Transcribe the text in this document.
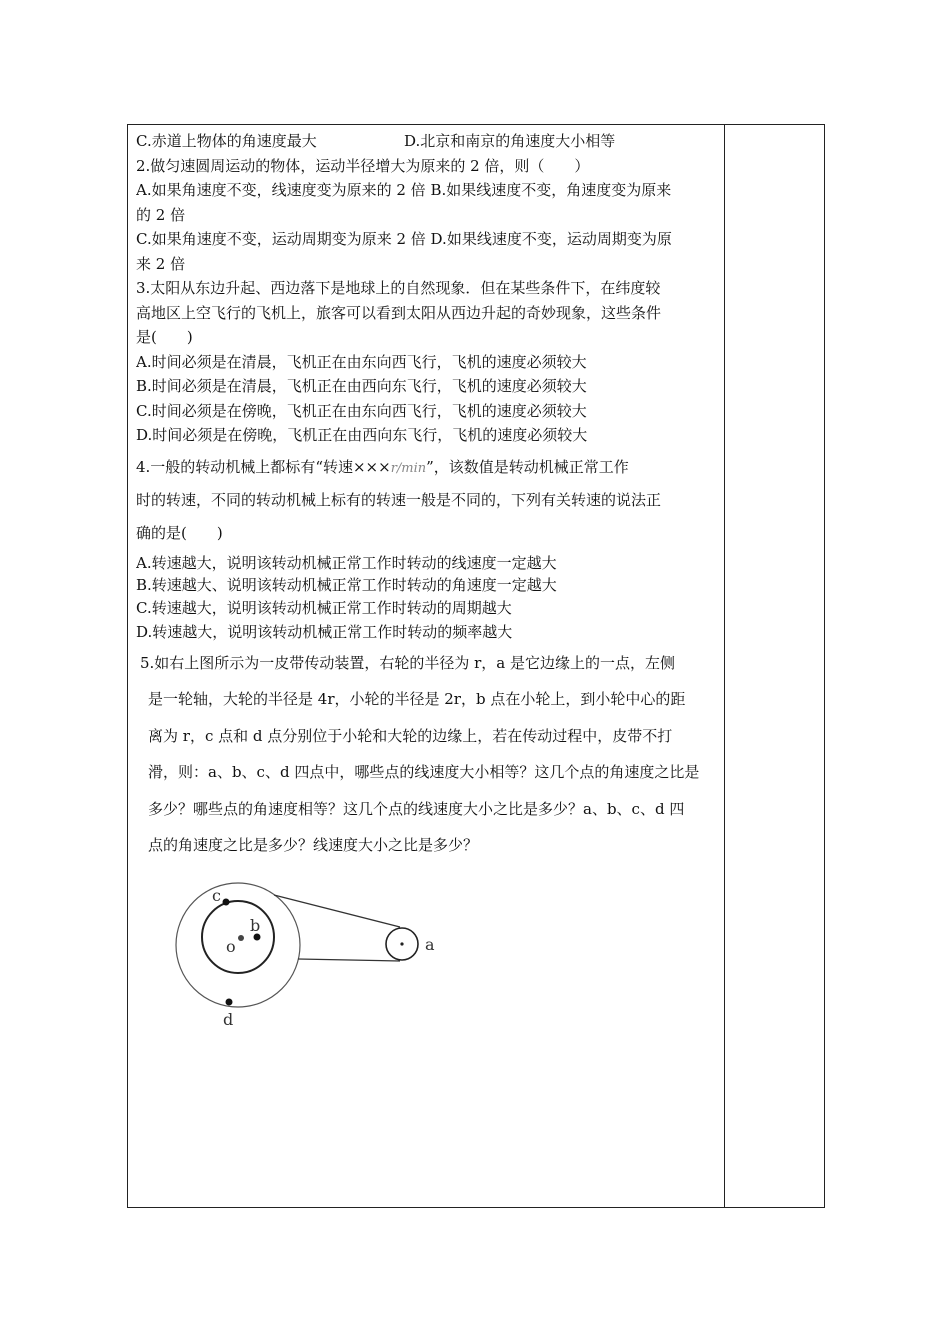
C.赤道上物体的角速度最大	D.北京和南京的角速度大小相等
2.做匀速圆周运动的物体，运动半径增大为原来的 2 倍，则（　　）
A.如果角速度不变，线速度变为原来的 2 倍 B.如果线速度不变，角速度变为原来
的 2 倍
C.如果角速度不变，运动周期变为原来 2 倍 D.如果线速度不变，运动周期变为原
来 2 倍
3.太阳从东边升起、西边落下是地球上的自然现象．但在某些条件下，在纬度较
高地区上空飞行的飞机上，旅客可以看到太阳从西边升起的奇妙现象，这些条件
是(　　)
A.时间必须是在清晨，飞机正在由东向西飞行，飞机的速度必须较大
B.时间必须是在清晨，飞机正在由西向东飞行，飞机的速度必须较大
C.时间必须是在傍晚，飞机正在由东向西飞行，飞机的速度必须较大
D.时间必须是在傍晚，飞机正在由西向东飞行，飞机的速度必须较大
4.一般的转动机械上都标有“转速×××r/min”，该数值是转动机械正常工作
时的转速，不同的转动机械上标有的转速一般是不同的，下列有关转速的说法正
确的是(　　)
A.转速越大，说明该转动机械正常工作时转动的线速度一定越大
B.转速越大、说明该转动机械正常工作时转动的角速度一定越大
C.转速越大，说明该转动机械正常工作时转动的周期越大
D.转速越大，说明该转动机械正常工作时转动的频率越大
5.如右上图所示为一皮带传动装置，右轮的半径为 r，a 是它边缘上的一点，左侧
是一轮轴，大轮的半径是 4r，小轮的半径是 2r，b 点在小轮上，到小轮中心的距
离为 r，c 点和 d 点分别位于小轮和大轮的边缘上，若在传动过程中，皮带不打
滑，则：a、b、c、d 四点中，哪些点的线速度大小相等？这几个点的角速度之比是
多少？哪些点的角速度相等？这几个点的线速度大小之比是多少？a、b、c、d 四
点的角速度之比是多少？线速度大小之比是多少？
c
b
o	a
d
